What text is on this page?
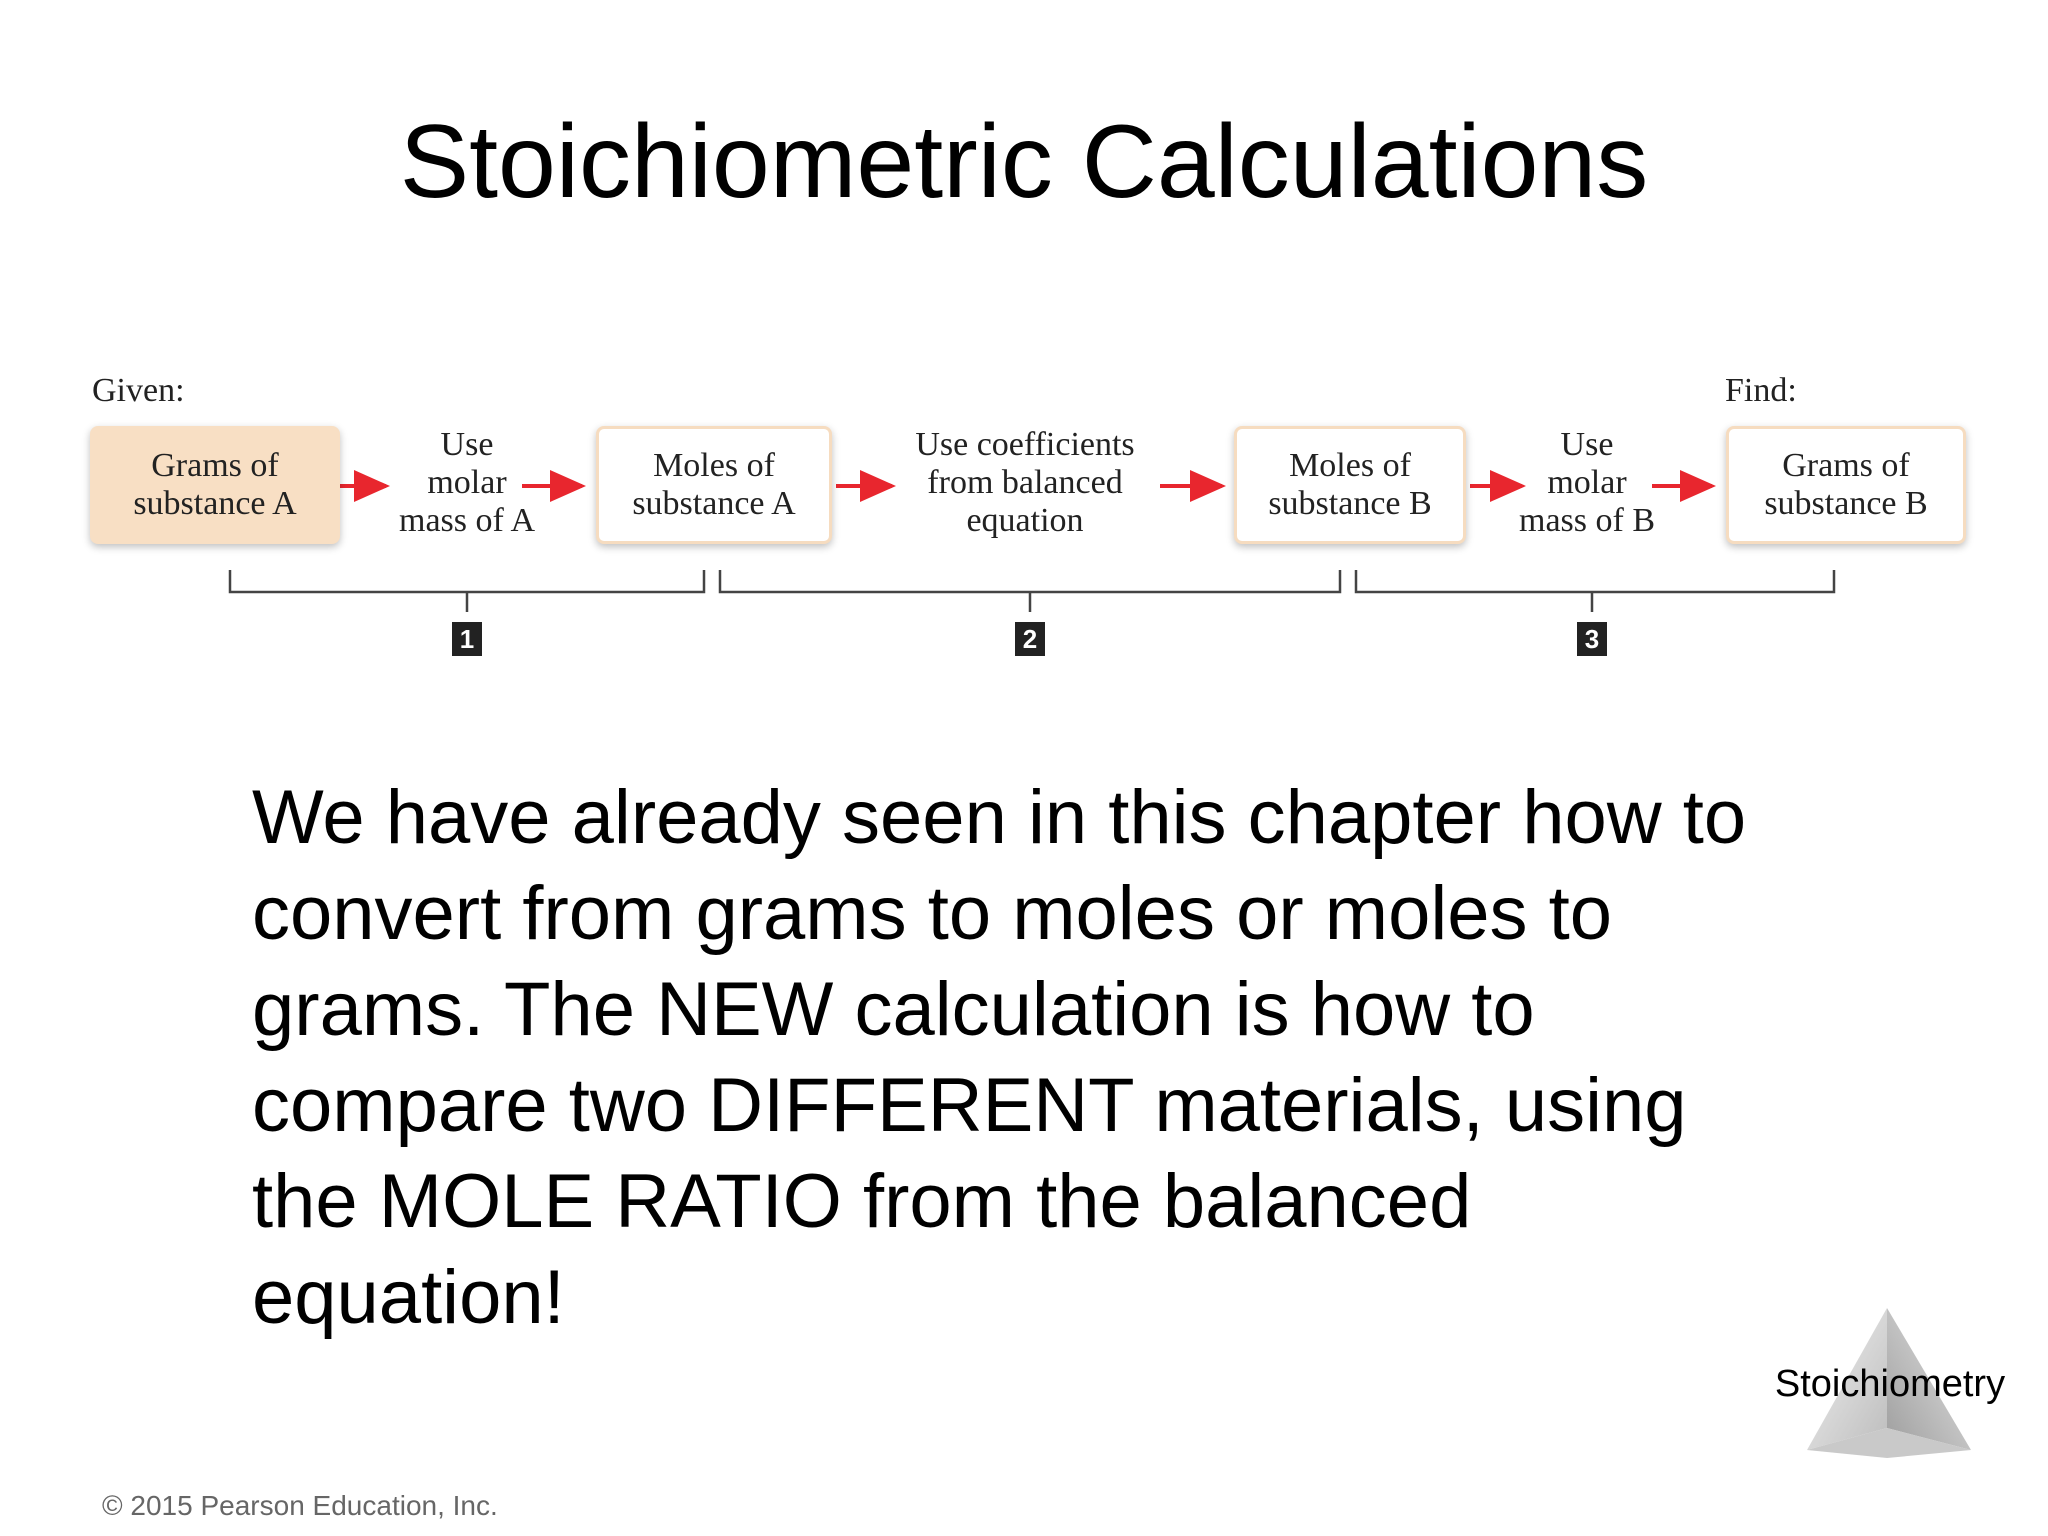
Stoichiometric Calculations
Given:	Find:
Grams of
substance A
Use
molar
mass of A
Moles of
substance A
Use coefficients
from balanced
equation
Moles of
substance B
Use
molar
mass of B
Grams of
substance B
1	2	3
We have already seen in this chapter how to
convert from grams to moles or moles to
grams. The NEW calculation is how to
compare two DIFFERENT materials, using
the MOLE RATIO from the balanced
equation!
Stoichiometry
© 2015 Pearson Education, Inc.
